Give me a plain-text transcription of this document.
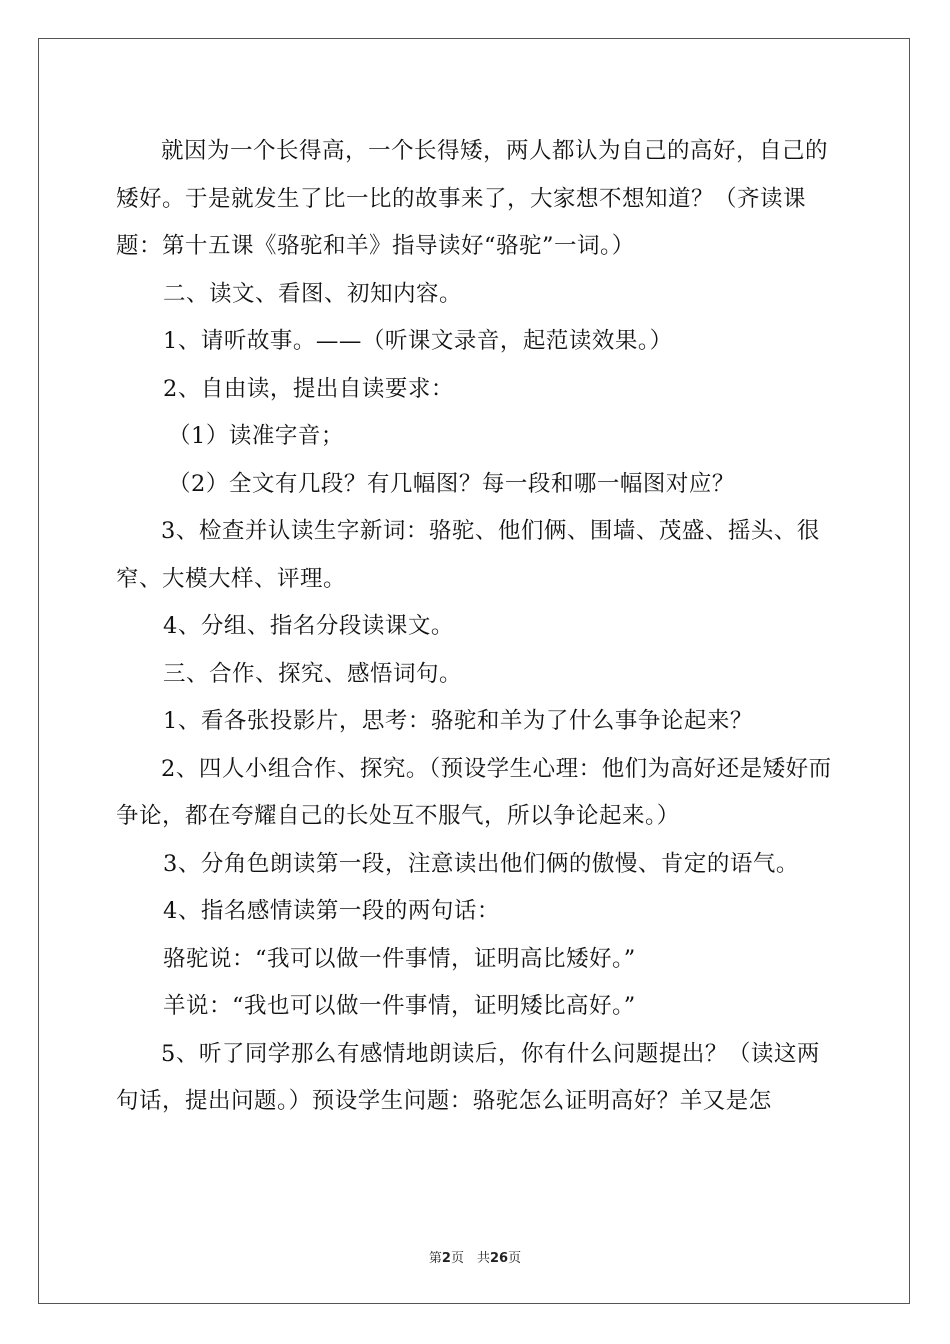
就因为一个长得高，一个长得矮，两人都认为自己的高好，自己的矮好。于是就发生了比一比的故事来了，大家想不想知道？（齐读课题：第十五课《骆驼和羊》指导读好“骆驼”一词。）

二、读文、看图、初知内容。

1、请听故事。——（听课文录音，起范读效果。）

2、自由读，提出自读要求：

（1）读准字音；

（2）全文有几段？有几幅图？每一段和哪一幅图对应？

3、检查并认读生字新词：骆驼、他们俩、围墙、茂盛、摇头、很窄、大模大样、评理。

4、分组、指名分段读课文。

三、合作、探究、感悟词句。

1、看各张投影片，思考：骆驼和羊为了什么事争论起来？

2、四人小组合作、探究。（预设学生心理：他们为高好还是矮好而争论，都在夸耀自己的长处互不服气，所以争论起来。）

3、分角色朗读第一段，注意读出他们俩的傲慢、肯定的语气。

4、指名感情读第一段的两句话：

骆驼说：“我可以做一件事情，证明高比矮好。”

羊说：“我也可以做一件事情，证明矮比高好。”

5、听了同学那么有感情地朗读后，你有什么问题提出？（读这两句话，提出问题。）预设学生问题：骆驼怎么证明高好？羊又是怎

第2页　共26页
